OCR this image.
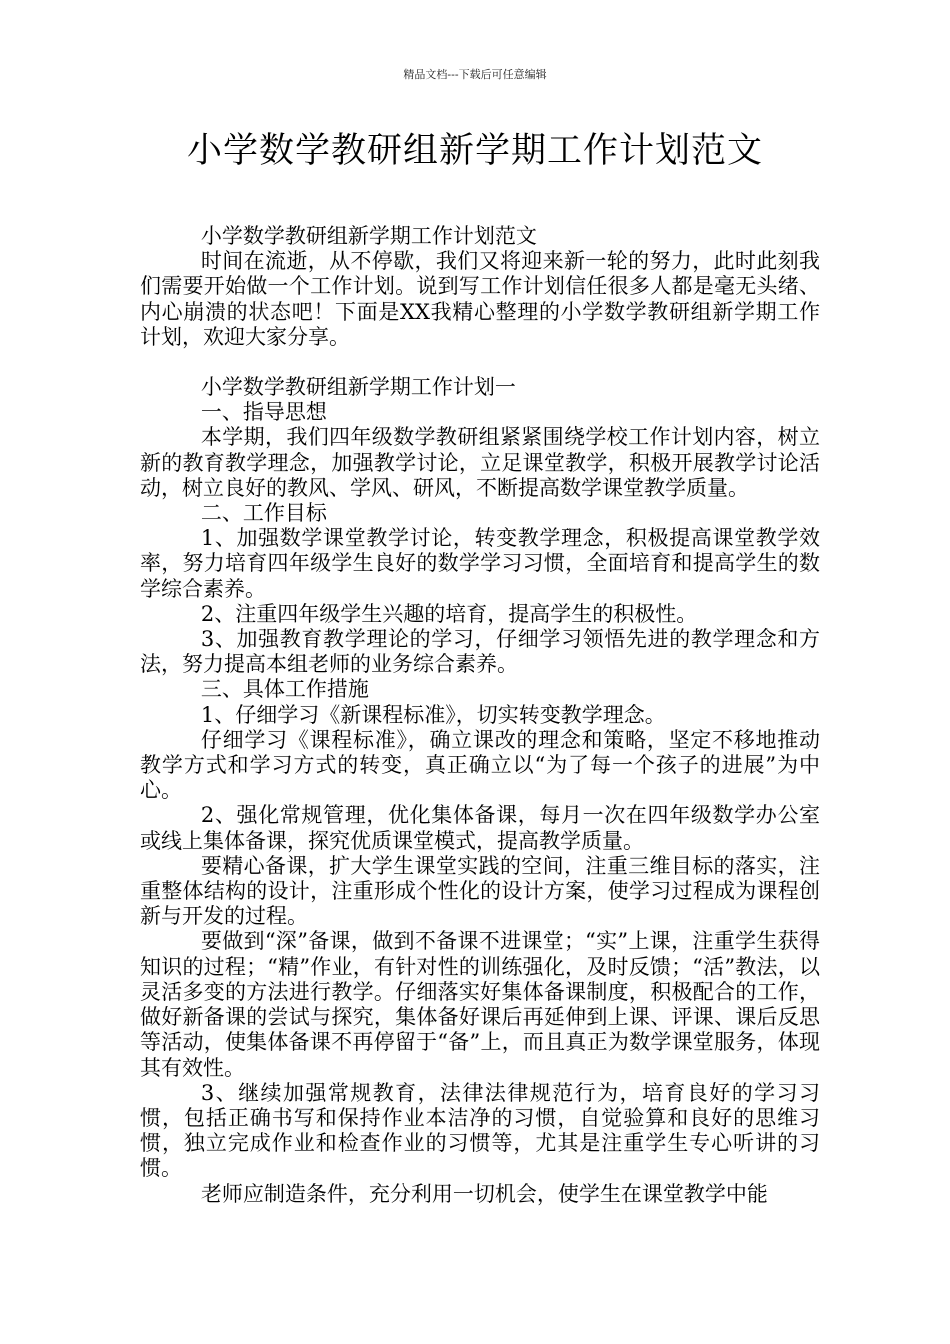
精品文档---下载后可任意编辑
小学数学教研组新学期工作计划范文

小学数学教研组新学期工作计划范文

时间在流逝，从不停歇，我们又将迎来新一轮的努力，此时此刻我们需要开始做一个工作计划。说到写工作计划信任很多人都是毫无头绪、内心崩溃的状态吧！下面是XX我精心整理的小学数学教研组新学期工作计划，欢迎大家分享。

小学数学教研组新学期工作计划一

一、指导思想

本学期，我们四年级数学教研组紧紧围绕学校工作计划内容，树立新的教育教学理念，加强教学讨论，立足课堂教学，积极开展教学讨论活动，树立良好的教风、学风、研风，不断提高数学课堂教学质量。

二、工作目标

1、加强数学课堂教学讨论，转变教学理念，积极提高课堂教学效率，努力培育四年级学生良好的数学学习习惯，全面培育和提高学生的数学综合素养。

2、注重四年级学生兴趣的培育，提高学生的积极性。

3、加强教育教学理论的学习，仔细学习领悟先进的教学理念和方法，努力提高本组老师的业务综合素养。

三、具体工作措施

1、仔细学习《新课程标准》，切实转变教学理念。

仔细学习《课程标准》，确立课改的理念和策略，坚定不移地推动教学方式和学习方式的转变，真正确立以“为了每一个孩子的进展”为中心。

2、强化常规管理，优化集体备课，每月一次在四年级数学办公室或线上集体备课，探究优质课堂模式，提高教学质量。

要精心备课，扩大学生课堂实践的空间，注重三维目标的落实，注重整体结构的设计，注重形成个性化的设计方案，使学习过程成为课程创新与开发的过程。

要做到“深”备课，做到不备课不进课堂；“实”上课，注重学生获得知识的过程；“精”作业，有针对性的训练强化，及时反馈；“活”教法，以灵活多变的方法进行教学。仔细落实好集体备课制度，积极配合的工作，做好新备课的尝试与探究，集体备好课后再延伸到上课、评课、课后反思等活动，使集体备课不再停留于“备”上，而且真正为数学课堂服务，体现其有效性。

3、继续加强常规教育，法律法律规范行为，培育良好的学习习惯，包括正确书写和保持作业本洁净的习惯，自觉验算和良好的思维习惯，独立完成作业和检查作业的习惯等，尤其是注重学生专心听讲的习惯。

老师应制造条件，充分利用一切机会，使学生在课堂教学中能
